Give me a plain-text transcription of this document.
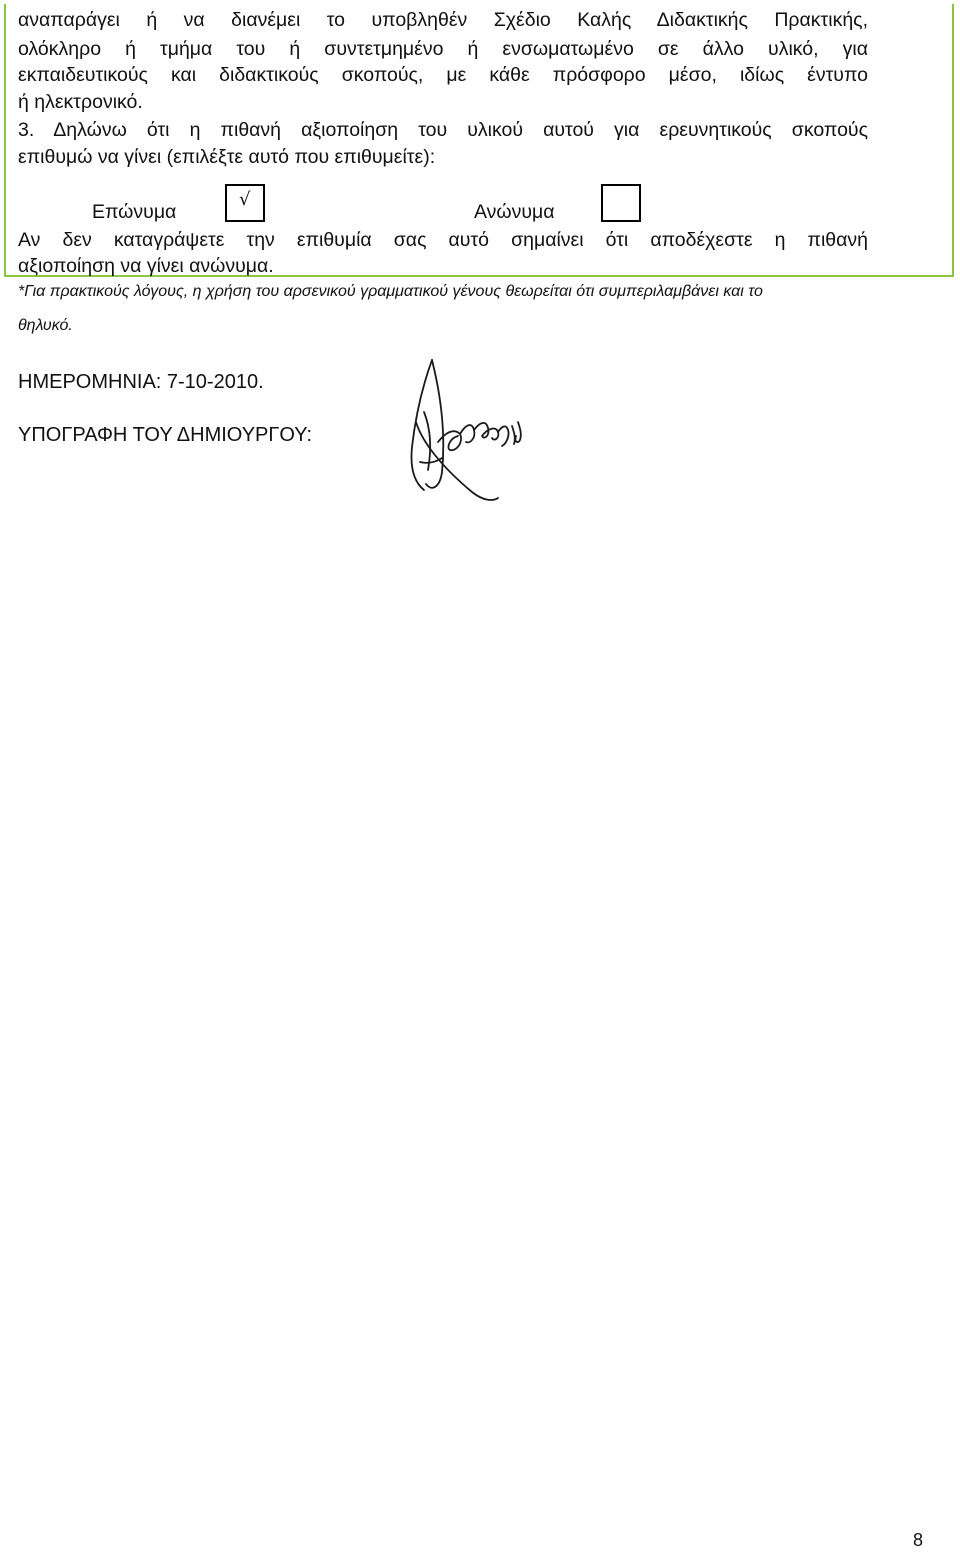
αναπαράγει ή να διανέμει το υποβληθέν Σχέδιο Καλής Διδακτικής Πρακτικής,

ολόκληρο ή τμήμα του ή συντετμημένο ή ενσωματωμένο σε άλλο υλικό, για

εκπαιδευτικούς και διδακτικούς σκοπούς, με κάθε πρόσφορο μέσο, ιδίως έντυπο

ή ηλεκτρονικό.

3. Δηλώνω ότι η πιθανή αξιοποίηση του υλικού αυτού για ερευνητικούς σκοπούς

επιθυμώ να γίνει (επιλέξτε αυτό που επιθυμείτε):

Επώνυμα
√
Ανώνυμα

Αν δεν καταγράψετε την επιθυμία σας αυτό σημαίνει ότι αποδέχεστε η πιθανή

αξιοποίηση να γίνει ανώνυμα.

*Για πρακτικούς λόγους, η χρήση του αρσενικού γραμματικού γένους θεωρείται ότι συμπεριλαμβάνει και το

θηλυκό.

ΗΜΕΡΟΜΗΝΙΑ: 7-10-2010.

ΥΠΟΓΡΑΦΗ ΤΟΥ ΔΗΜΙΟΥΡΓΟΥ:

8
